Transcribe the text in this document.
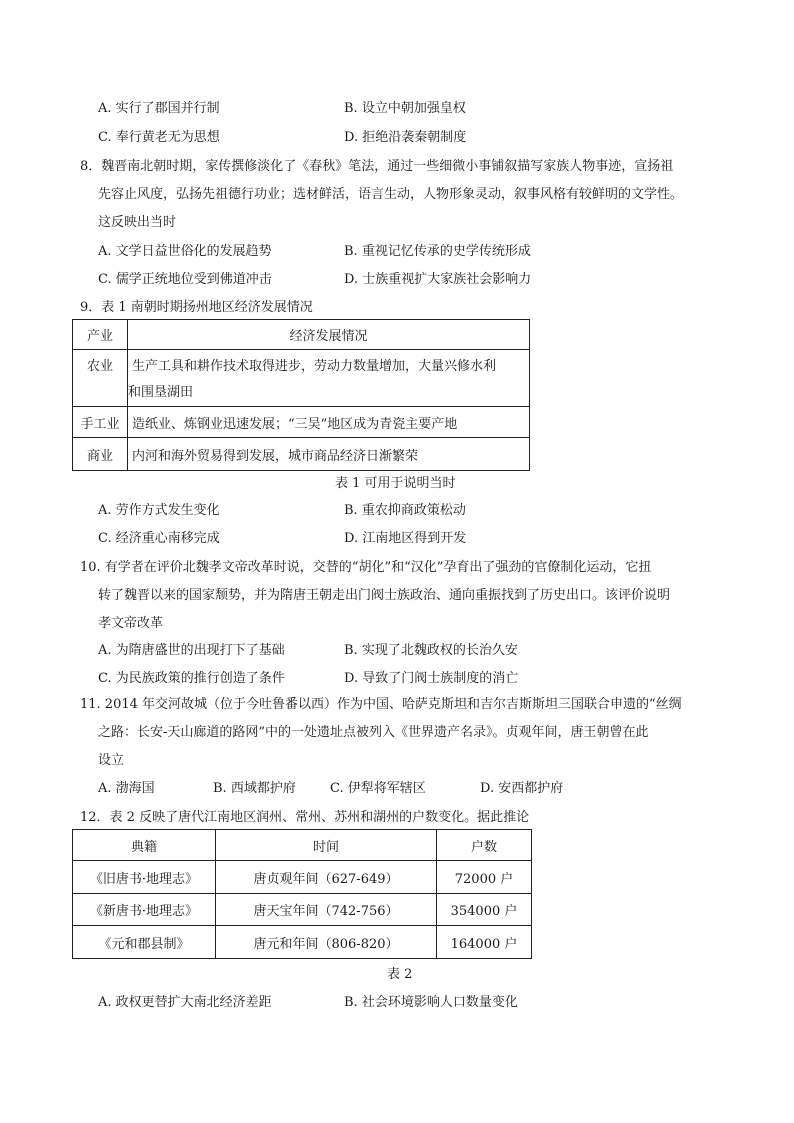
A. 实行了郡国并行制	B. 设立中朝加强皇权
C. 奉行黄老无为思想	D. 拒绝沿袭秦朝制度
8．魏晋南北朝时期，家传撰修淡化了《春秋》笔法，通过一些细微小事铺叙描写家族人物事迹，宣扬祖
先容止风度，弘扬先祖德行功业；选材鲜活，语言生动，人物形象灵动，叙事风格有较鲜明的文学性。
这反映出当时
A. 文学日益世俗化的发展趋势	B. 重视记忆传承的史学传统形成
C. 儒学正统地位受到佛道冲击	D. 士族重视扩大家族社会影响力
9．表 1 南朝时期扬州地区经济发展情况
产业	经济发展情况
农业	生产工具和耕作技术取得进步，劳动力数量增加，大量兴修水利
和围垦湖田

手工业	造纸业、炼钢业迅速发展；“三吴”地区成为青瓷主要产地
商业	内河和海外贸易得到发展，城市商品经济日渐繁荣
表 1 可用于说明当时
A. 劳作方式发生变化	B. 重农抑商政策松动
C. 经济重心南移完成	D. 江南地区得到开发
10. 有学者在评价北魏孝文帝改革时说，交替的“胡化”和“汉化”孕育出了强劲的官僚制化运动，它扭
转了魏晋以来的国家颓势，并为隋唐王朝走出门阀士族政治、通向重振找到了历史出口。该评价说明
孝文帝改革
A. 为隋唐盛世的出现打下了基础	B. 实现了北魏政权的长治久安
C. 为民族政策的推行创造了条件	D. 导致了门阀士族制度的消亡
11. 2014 年交河故城（位于今吐鲁番以西）作为中国、哈萨克斯坦和吉尔吉斯斯坦三国联合申遗的“丝绸
之路：长安-天山廊道的路网”中的一处遗址点被列入《世界遗产名录》。贞观年间，唐王朝曾在此
设立
A. 渤海国	B. 西域都护府	C. 伊犁将军辖区	D. 安西都护府
12．表 2 反映了唐代江南地区润州、常州、苏州和湖州的户数变化。据此推论
典籍	时间	户数
《旧唐书·地理志》	唐贞观年间（627-649）	72000 户
《新唐书·地理志》	唐天宝年间（742-756）	354000 户
《元和郡县制》	唐元和年间（806-820）	164000 户
表 2
A. 政权更替扩大南北经济差距	B. 社会环境影响人口数量变化
